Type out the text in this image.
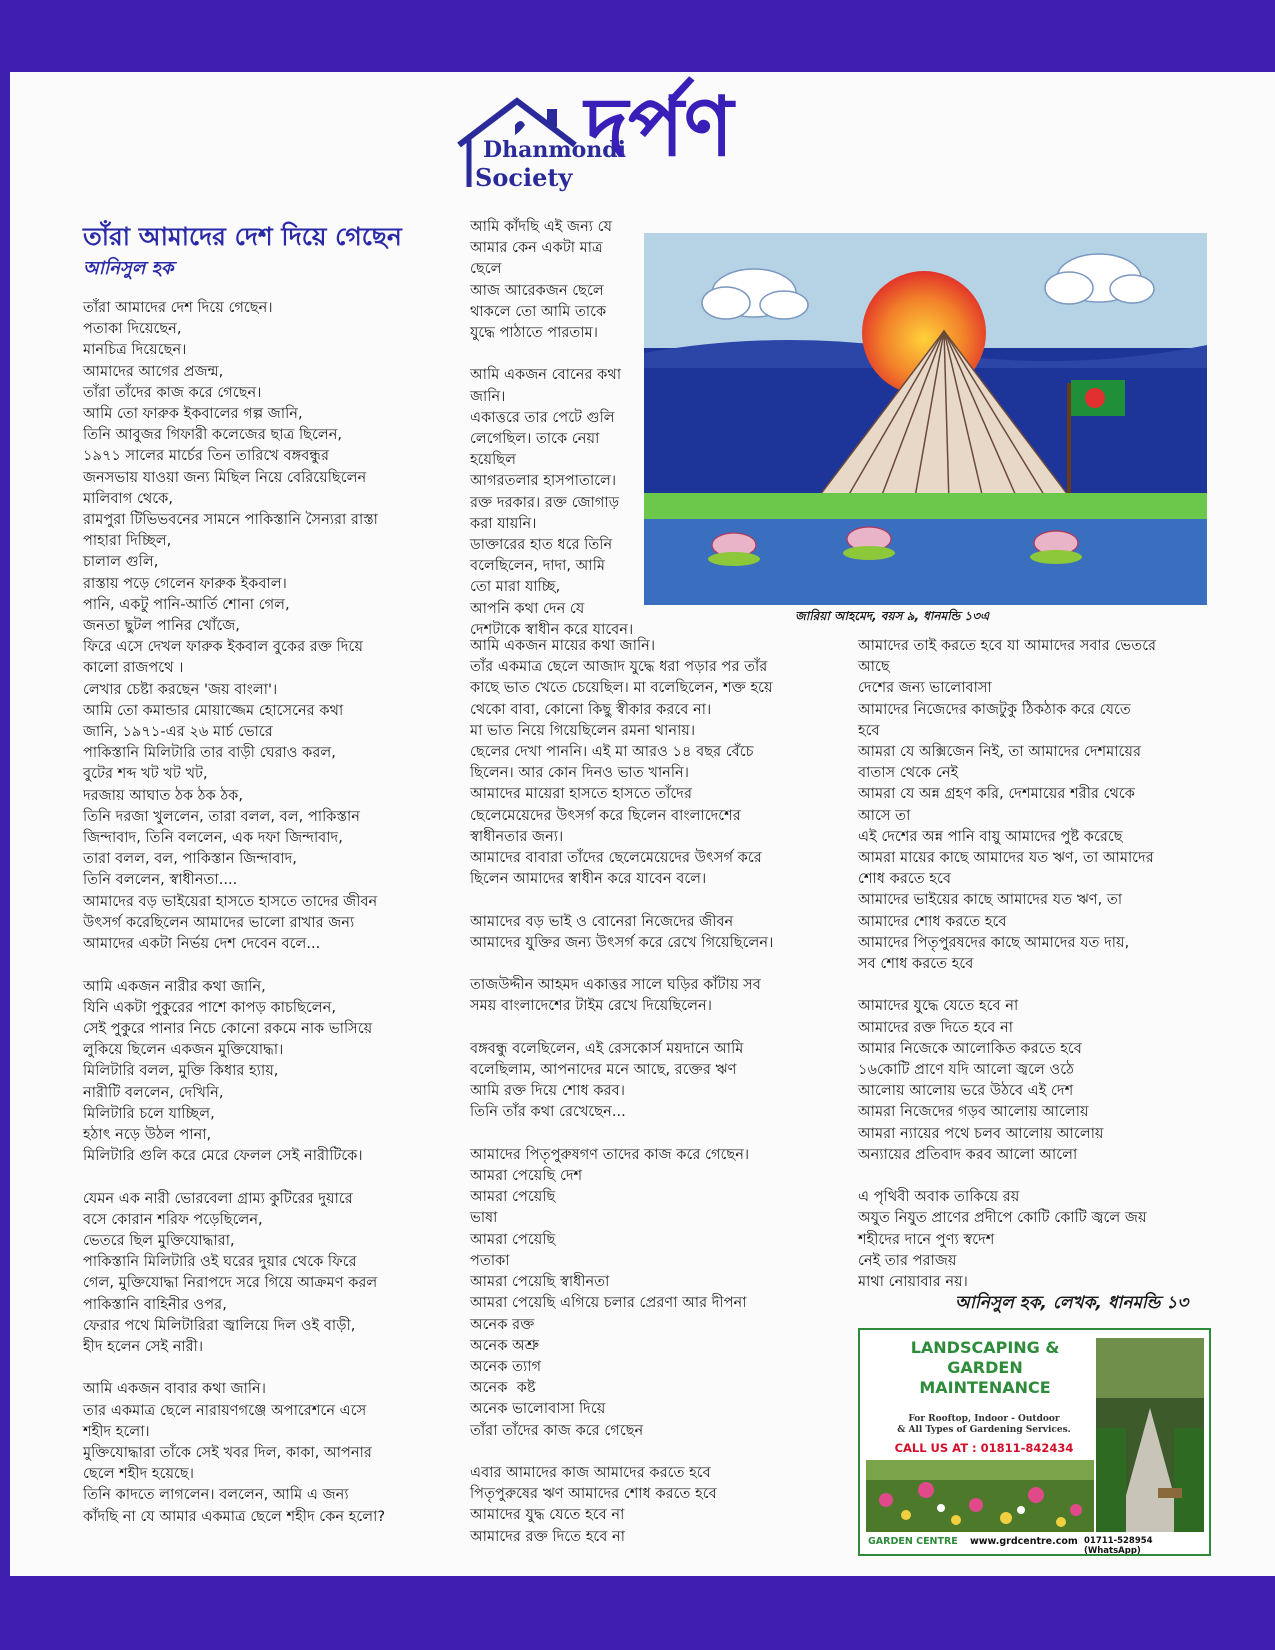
Dhanmondi
Society
দর্পণ
তাঁরা আমাদের দেশ দিয়ে গেছেন
আনিসুল হক
তাঁরা আমাদের দেশ দিয়ে গেছেন।
পতাকা দিয়েছেন,
মানচিত্র দিয়েছেন।
আমাদের আগের প্রজন্ম,
তাঁরা তাঁদের কাজ করে গেছেন।
আমি তো ফারুক ইকবালের গল্প জানি,
তিনি আবুজর গিফারী কলেজের ছাত্র ছিলেন,
১৯৭১ সালের মার্চের তিন তারিখে বঙ্গবন্ধুর
জনসভায় যাওয়া জন্য মিছিল নিয়ে বেরিয়েছিলেন
মালিবাগ থেকে,
রামপুরা টিভিভবনের সামনে পাকিস্তানি সৈন্যরা রাস্তা
পাহারা দিচ্ছিল,
চালাল গুলি,
রাস্তায় পড়ে গেলেন ফারুক ইকবাল।
পানি, একটু পানি-আর্তি শোনা গেল,
জনতা ছুটল পানির খোঁজে,
ফিরে এসে দেখল ফারুক ইকবাল বুকের রক্ত দিয়ে
কালো রাজপথে ।
লেখার চেষ্টা করছেন 'জয় বাংলা'।
আমি তো কমান্ডার মোয়াজ্জেম হোসেনের কথা
জানি, ১৯৭১-এর ২৬ মার্চ ভোরে
পাকিস্তানি মিলিটারি তার বাড়ী ঘেরাও করল,
বুটের শব্দ খট খট খট,
দরজায় আঘাত ঠক ঠক ঠক,
তিনি দরজা খুললেন, তারা বলল, বল, পাকিস্তান
জিন্দাবাদ, তিনি বললেন, এক দফা জিন্দাবাদ,
তারা বলল, বল, পাকিস্তান জিন্দাবাদ,
তিনি বললেন, স্বাধীনতা....
আমাদের বড় ভাইয়েরা হাসতে হাসতে তাদের জীবন
উৎসর্গ করেছিলেন আমাদের ভালো রাখার জন্য
আমাদের একটা নির্ভয় দেশ দেবেন বলে...

আমি একজন নারীর কথা জানি,
যিনি একটা পুকুরের পাশে কাপড় কাচছিলেন,
সেই পুকুরে পানার নিচে কোনো রকমে নাক ভাসিয়ে
লুকিয়ে ছিলেন একজন মুক্তিযোদ্ধা।
মিলিটারি বলল, মুক্তি কিধার হ্যায়,
নারীটি বললেন, দেখিনি,
মিলিটারি চলে যাচ্ছিল,
হঠাৎ নড়ে উঠল পানা,
মিলিটারি গুলি করে মেরে ফেলল সেই নারীটিকে।

যেমন এক নারী ভোরবেলা গ্রাম্য কুটিরের দুয়ারে
বসে কোরান শরিফ পড়েছিলেন,
ভেতরে ছিল মুক্তিযোদ্ধারা,
পাকিস্তানি মিলিটারি ওই ঘরের দুয়ার থেকে ফিরে
গেল, মুক্তিযোদ্ধা নিরাপদে সরে গিয়ে আক্রমণ করল
পাকিস্তানি বাহিনীর ওপর,
ফেরার পথে মিলিটারিরা জ্বালিয়ে দিল ওই বাড়ী,
হীদ হলেন সেই নারী।

আমি একজন বাবার কথা জানি।
তার একমাত্র ছেলে নারায়ণগঞ্জে অপারেশনে এসে
শহীদ হলো।
মুক্তিযোদ্ধারা তাঁকে সেই খবর দিল, কাকা, আপনার
ছেলে শহীদ হয়েছে।
তিনি কাদতে লাগলেন। বললেন, আমি এ জন্য
কাঁদছি না যে আমার একমাত্র ছেলে শহীদ কেন হলো?
আমি কাঁদছি এই জন্য যে
আমার কেন একটা মাত্র
ছেলে
আজ আরেকজন ছেলে
থাকলে তো আমি তাকে
যুদ্ধে পাঠাতে পারতাম।

আমি একজন বোনের কথা
জানি।
একাত্তরে তার পেটে গুলি
লেগেছিল। তাকে নেয়া
হয়েছিল
আগরতলার হাসপাতালে।
রক্ত দরকার। রক্ত জোগাড়
করা যায়নি।
ডাক্তারের হাত ধরে তিনি
বলেছিলেন, দাদা, আমি
তো মারা যাচ্ছি,
আপনি কথা দেন যে
দেশটাকে স্বাধীন করে যাবেন।
আমি একজন মায়ের কথা জানি।
তাঁর একমাত্র ছেলে আজাদ যুদ্ধে ধরা পড়ার পর তাঁর
কাছে ভাত খেতে চেয়েছিল। মা বলেছিলেন, শক্ত হয়ে
থেকো বাবা, কোনো কিছু স্বীকার করবে না।
মা ভাত নিয়ে গিয়েছিলেন রমনা থানায়।
ছেলের দেখা পাননি। এই মা আরও ১৪ বছর বেঁচে
ছিলেন। আর কোন দিনও ভাত খাননি।
আমাদের মায়েরা হাসতে হাসতে তাঁদের
ছেলেমেয়েদের উৎসর্গ করে ছিলেন বাংলাদেশের
স্বাধীনতার জন্য।
আমাদের বাবারা তাঁদের ছেলেমেয়েদের উৎসর্গ করে
ছিলেন আমাদের স্বাধীন করে যাবেন বলে।

আমাদের বড় ভাই ও বোনেরা নিজেদের জীবন
আমাদের যুক্তির জন্য উৎসর্গ করে রেখে গিয়েছিলেন।

তাজউদ্দীন আহমদ একাত্তর সালে ঘড়ির কাঁটায় সব
সময় বাংলাদেশের টাইম রেখে দিয়েছিলেন।

বঙ্গবন্ধু বলেছিলেন, এই রেসকোর্স ময়দানে আমি
বলেছিলাম, আপনাদের মনে আছে, রক্তের ঋণ
আমি রক্ত দিয়ে শোধ করব।
তিনি তাঁর কথা রেখেছেন...

আমাদের পিতৃপুরুষগণ তাদের কাজ করে গেছেন।
আমরা পেয়েছি দেশ
আমরা পেয়েছি
ভাষা
আমরা পেয়েছি
পতাকা
আমরা পেয়েছি স্বাধীনতা
আমরা পেয়েছি এগিয়ে চলার প্রেরণা আর দীপনা
অনেক রক্ত
অনেক অশ্রু
অনেক ত্যাগ
অনেক  কষ্ট
অনেক ভালোবাসা দিয়ে
তাঁরা তাঁদের কাজ করে গেছেন

এবার আমাদের কাজ আমাদের করতে হবে
পিতৃপুরুষের ঋণ আমাদের শোধ করতে হবে
আমাদের যুদ্ধ যেতে হবে না
আমাদের রক্ত দিতে হবে না
আমাদের তাই করতে হবে যা আমাদের সবার ভেতরে
আছে
দেশের জন্য ভালোবাসা
আমাদের নিজেদের কাজটুকু ঠিকঠাক করে যেতে
হবে
আমরা যে অক্সিজেন নিই, তা আমাদের দেশমায়ের
বাতাস থেকে নেই
আমরা যে অন্ন গ্রহণ করি, দেশমায়ের শরীর থেকে
আসে তা
এই দেশের অন্ন পানি বায়ু আমাদের পুষ্ট করেছে
আমরা মায়ের কাছে আমাদের যত ঋণ, তা আমাদের
শোধ করতে হবে
আমাদের ভাইয়ের কাছে আমাদের যত ঋণ, তা
আমাদের শোধ করতে হবে
আমাদের পিতৃপুরষদের কাছে আমাদের যত দায়,
সব শোধ করতে হবে

আমাদের যুদ্ধে যেতে হবে না
আমাদের রক্ত দিতে হবে না
আমার নিজেকে আলোকিত করতে হবে
১৬কোটি প্রাণে যদি আলো জ্বলে ওঠে
আলোয় আলোয় ভরে উঠবে এই দেশ
আমরা নিজেদের গড়ব আলোয় আলোয়
আমরা ন্যায়ের পথে চলব আলোয় আলোয়
অন্যায়ের প্রতিবাদ করব আলো আলো

এ পৃথিবী অবাক তাকিয়ে রয়
অযুত নিযুত প্রাণের প্রদীপে কোটি কোটি জ্বলে জয়
শহীদের দানে পুণ্য স্বদেশ
নেই তার পরাজয়
মাথা নোয়াবার নয়।
জারিয়া আহমেদ, বয়স ৯, ধানমন্ডি ১৩এ
আনিসুল হক, লেখক, ধানমন্ডি ১৩
LANDSCAPING &
GARDEN
MAINTENANCE
For Rooftop, Indoor - Outdoor
& All Types of Gardening Services.
CALL US AT : 01811-842434
GARDEN CENTRE www.grdcentre.com 01711-528954 (WhatsApp)
